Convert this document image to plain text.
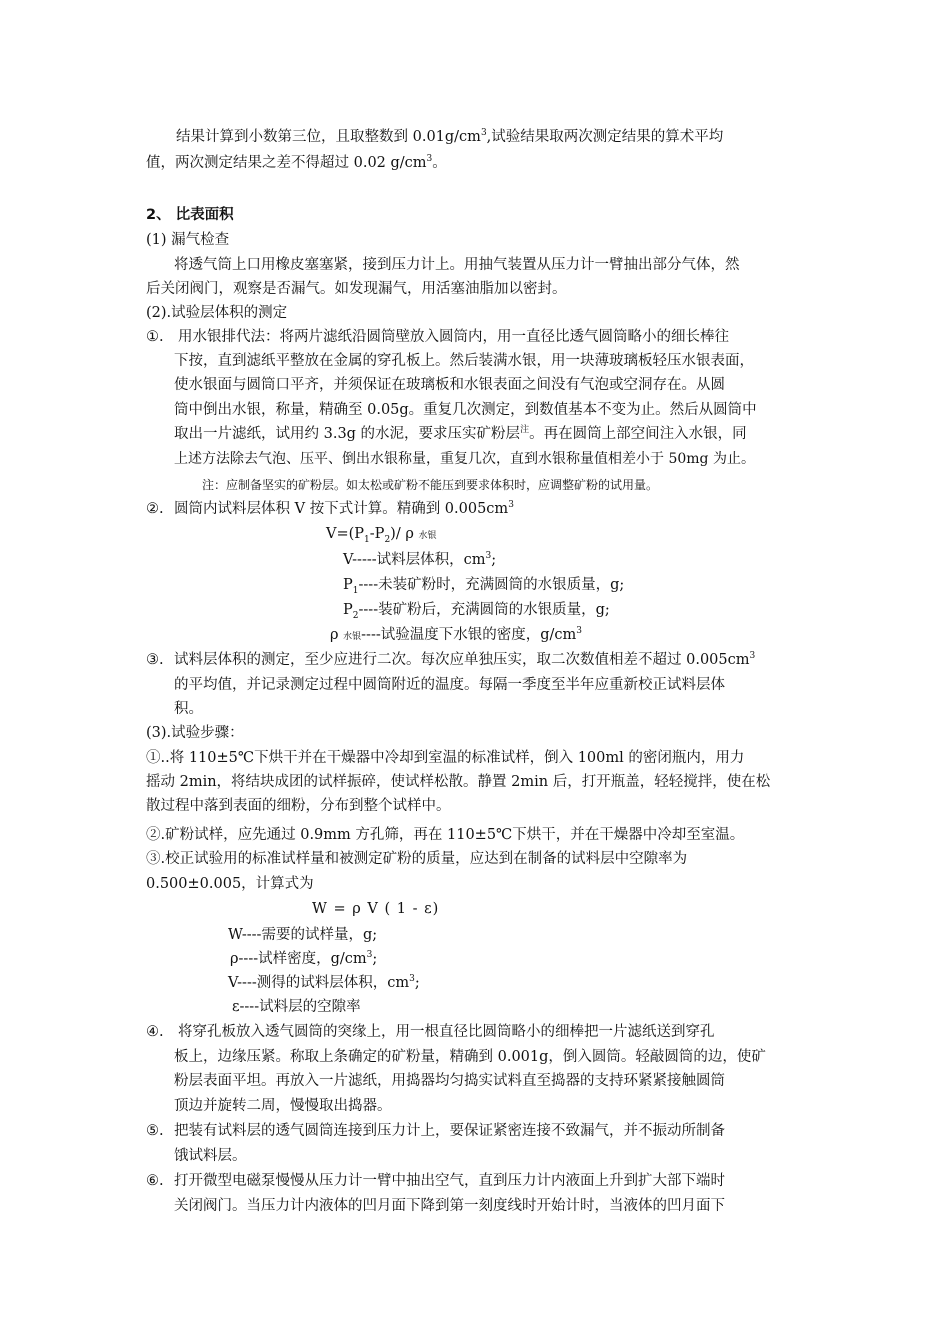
结果计算到小数第三位，且取整数到 $0.01g/cm^3$,试验结果取两次测定结果的算术平均
值，两次测定结果之差不得超过 0.02 $g/cm^3$。
2、 比表面积
(1) 漏气检查
将透气筒上口用橡皮塞塞紧，接到压力计上。用抽气装置从压力计一臂抽出部分气体，然
后关闭阀门，观察是否漏气。如发现漏气，用活塞油脂加以密封。
(2).试验层体积的测定
①. 用水银排代法：将两片滤纸沿圆筒壁放入圆筒内，用一直径比透气圆筒略小的细长棒往
下按，直到滤纸平整放在金属的穿孔板上。然后装满水银，用一块薄玻璃板轻压水银表面，
使水银面与圆筒口平齐，并须保证在玻璃板和水银表面之间没有气泡或空洞存在。从圆
筒中倒出水银，称量，精确至 0.05g。重复几次测定，到数值基本不变为止。然后从圆筒中
取出一片滤纸，试用约 3.3g 的水泥，要求压实矿粉层$^注$。再在圆筒上部空间注入水银，同
上述方法除去气泡、压平、倒出水银称量，重复几次，直到水银称量值相差小于 50mg 为止。
注：应制备坚实的矿粉层。如太松或矿粉不能压到要求体积时，应调整矿粉的试用量。
②. 圆筒内试料层体积 V 按下式计算。精确到 $0.005cm^3$
$V=(P_1-P_2)/$ ρ 水银
V-----试料层体积，$cm^3$;
$P_1----$未装矿粉时，充满圆筒的水银质量，g;
$P_2----$装矿粉后，充满圆筒的水银质量，g;
ρ 水银----试验温度下水银的密度，$g/cm^3$
③. 试料层体积的测定，至少应进行二次。每次应单独压实，取二次数值相差不超过 $0.005cm^3$
的平均值，并记录测定过程中圆筒附近的温度。每隔一季度至半年应重新校正试料层体
积。
(3).试验步骤：
①..将 110±5℃下烘干并在干燥器中冷却到室温的标准试样，倒入 100ml 的密闭瓶内，用力
摇动 2min，将结块成团的试样振碎，使试样松散。静置 2min 后，打开瓶盖，轻轻搅拌，使在松
散过程中落到表面的细粉，分布到整个试样中。
②.矿粉试样，应先通过 0.9mm 方孔筛，再在 110±5℃下烘干，并在干燥器中冷却至室温。
③.校正试验用的标准试样量和被测定矿粉的质量，应达到在制备的试料层中空隙率为
0.500±0.005，计算式为
W = ρ V ( 1 - ε)
W----需要的试样量，g;
ρ----试样密度，$g/cm^3$;
V----测得的试料层体积，$cm^3$;
ε----试料层的空隙率
④. 将穿孔板放入透气圆筒的突缘上，用一根直径比圆筒略小的细棒把一片滤纸送到穿孔
板上，边缘压紧。称取上条确定的矿粉量，精确到 0.001g，倒入圆筒。轻敲圆筒的边，使矿
粉层表面平坦。再放入一片滤纸，用捣器均匀捣实试料直至捣器的支持环紧紧接触圆筒
顶边并旋转二周，慢慢取出捣器。
⑤. 把装有试料层的透气圆筒连接到压力计上，要保证紧密连接不致漏气，并不振动所制备
饿试料层。
⑥. 打开微型电磁泵慢慢从压力计一臂中抽出空气，直到压力计内液面上升到扩大部下端时
关闭阀门。当压力计内液体的凹月面下降到第一刻度线时开始计时，当液体的凹月面下
